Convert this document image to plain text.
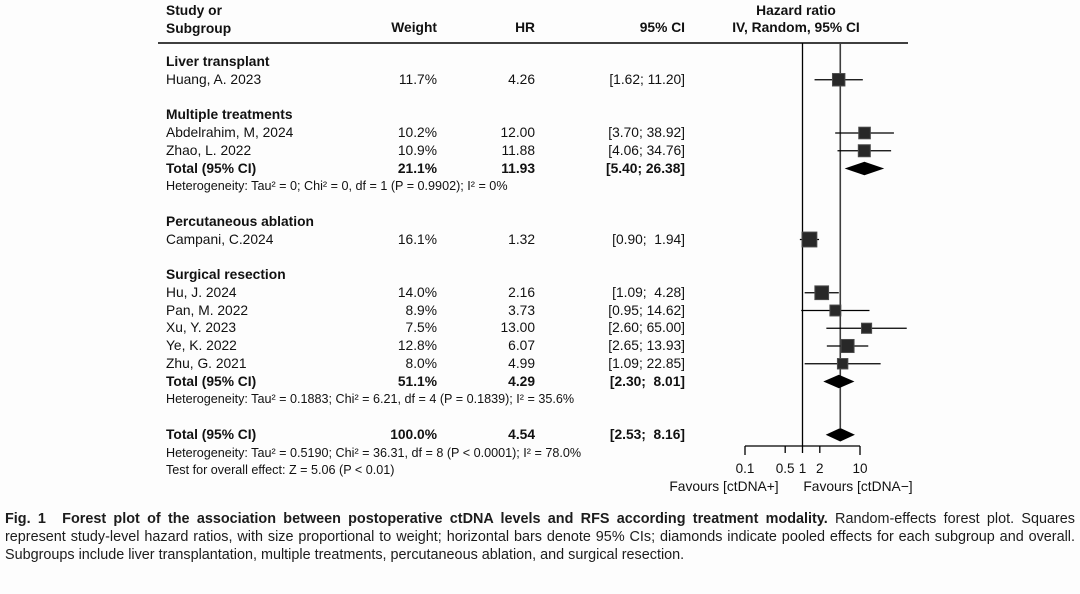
Study or
Subgroup	Weight	HR	95% CI
Hazard ratio
IV, Random, 95% CI
Liver transplant
Huang, A. 2023	11.7%	4.26	[1.62; 11.20]
Multiple treatments
Abdelrahim, M, 2024	10.2%	12.00	[3.70; 38.92]
Zhao, L. 2022	10.9%	11.88	[4.06; 34.76]
Total (95% CI)	21.1%	11.93	[5.40; 26.38]
Heterogeneity: Tau² = 0; Chi² = 0, df = 1 (P = 0.9902); I² = 0%
Percutaneous ablation
Campani, C.2024	16.1%	1.32	[0.90;  1.94]
Surgical resection
Hu, J. 2024	14.0%	2.16	[1.09;  4.28]
Pan, M. 2022	8.9%	3.73	[0.95; 14.62]
Xu, Y. 2023	7.5%	13.00	[2.60; 65.00]
Ye, K. 2022	12.8%	6.07	[2.65; 13.93]
Zhu, G. 2021	8.0%	4.99	[1.09; 22.85]
Total (95% CI)	51.1%	4.29	[2.30;  8.01]
Heterogeneity: Tau² = 0.1883; Chi² = 6.21, df = 4 (P = 0.1839); I² = 35.6%
Total (95% CI)	100.0%	4.54	[2.53;  8.16]
Heterogeneity: Tau² = 0.5190; Chi² = 36.31, df = 8 (P < 0.0001); I² = 78.0%
Test for overall effect: Z = 5.06 (P < 0.01)	0.1 0.5 1 2 10
Favours [ctDNA+] Favours [ctDNA−]

Fig. 1 Forest plot of the association between postoperative ctDNA levels and RFS according treatment modality. Random-effects forest plot. Squares represent study-level hazard ratios, with size proportional to weight; horizontal bars denote 95% CIs; diamonds indicate pooled effects for each subgroup and overall. Subgroups include liver transplantation, multiple treatments, percutaneous ablation, and surgical resection.
